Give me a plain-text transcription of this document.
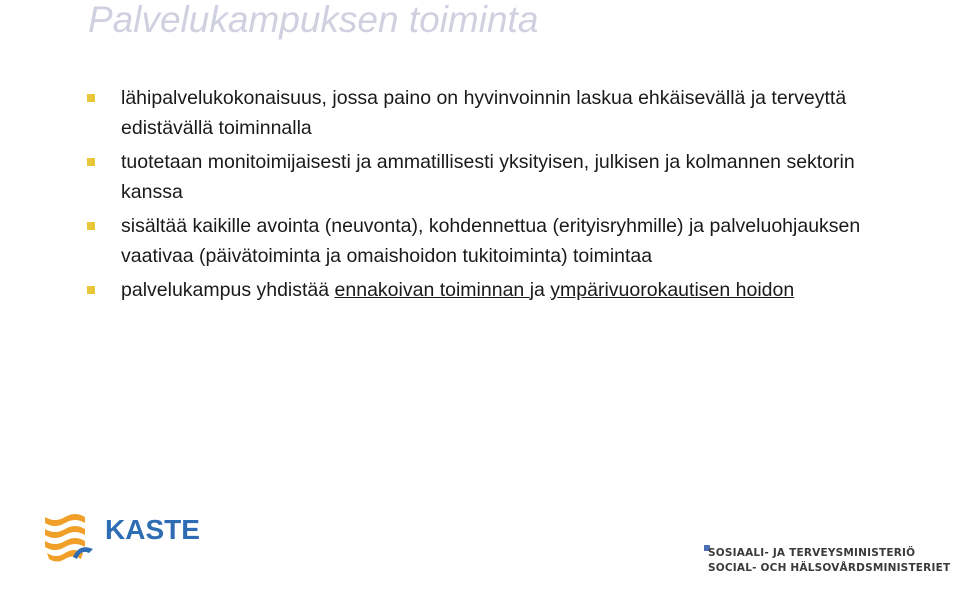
Palvelukampuksen toiminta
lähipalvelukokonaisuus, jossa paino on hyvinvoinnin laskua ehkäisevällä ja terveyttä edistävällä toiminnalla
tuotetaan monitoimijaisesti ja ammatillisesti yksityisen, julkisen ja kolmannen sektorin kanssa
sisältää kaikille avointa (neuvonta), kohdennettua (erityisryhmille) ja palveluohjauksen vaativaa (päivätoiminta ja omaishoidon tukitoiminta) toimintaa
palvelukampus yhdistää ennakoivan toiminnan ja ympärivuorokautisen hoidon
KASTE
SOSIAALI- JA TERVEYSMINISTERIÖ
SOCIAL- OCH HÄLSOVÅRDSMINISTERIET
